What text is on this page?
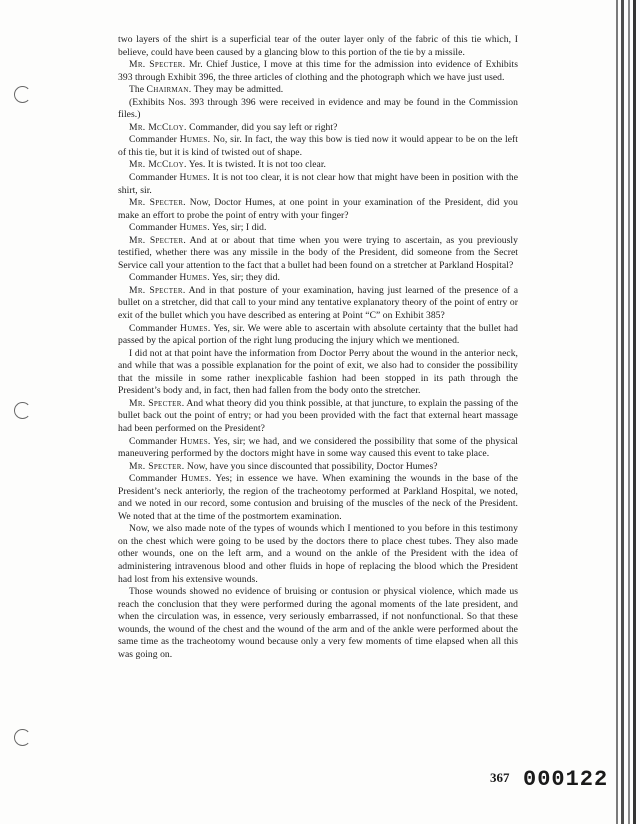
two layers of the shirt is a superficial tear of the outer layer only of the fabric of this tie which, I believe, could have been caused by a glancing blow to this portion of the tie by a missile.

Mr. Specter. Mr. Chief Justice, I move at this time for the admission into evidence of Exhibits 393 through Exhibit 396, the three articles of clothing and the photograph which we have just used.

The Chairman. They may be admitted.

(Exhibits Nos. 393 through 396 were received in evidence and may be found in the Commission files.)

Mr. McCloy. Commander, did you say left or right?

Commander Humes. No, sir. In fact, the way this bow is tied now it would appear to be on the left of this tie, but it is kind of twisted out of shape.

Mr. McCloy. Yes. It is twisted. It is not too clear.

Commander Humes. It is not too clear, it is not clear how that might have been in position with the shirt, sir.

Mr. Specter. Now, Doctor Humes, at one point in your examination of the President, did you make an effort to probe the point of entry with your finger?

Commander Humes. Yes, sir; I did.

Mr. Specter. And at or about that time when you were trying to ascertain, as you previously testified, whether there was any missile in the body of the President, did someone from the Secret Service call your attention to the fact that a bullet had been found on a stretcher at Parkland Hospital?

Commander Humes. Yes, sir; they did.

Mr. Specter. And in that posture of your examination, having just learned of the presence of a bullet on a stretcher, did that call to your mind any tentative explanatory theory of the point of entry or exit of the bullet which you have described as entering at Point “C” on Exhibit 385?

Commander Humes. Yes, sir. We were able to ascertain with absolute certainty that the bullet had passed by the apical portion of the right lung producing the injury which we mentioned.

I did not at that point have the information from Doctor Perry about the wound in the anterior neck, and while that was a possible explanation for the point of exit, we also had to consider the possibility that the missile in some rather inexplicable fashion had been stopped in its path through the President’s body and, in fact, then had fallen from the body onto the stretcher.

Mr. Specter. And what theory did you think possible, at that juncture, to explain the passing of the bullet back out the point of entry; or had you been provided with the fact that external heart massage had been performed on the President?

Commander Humes. Yes, sir; we had, and we considered the possibility that some of the physical maneuvering performed by the doctors might have in some way caused this event to take place.

Mr. Specter. Now, have you since discounted that possibility, Doctor Humes?

Commander Humes. Yes; in essence we have. When examining the wounds in the base of the President’s neck anteriorly, the region of the tracheotomy performed at Parkland Hospital, we noted, and we noted in our record, some contusion and bruising of the muscles of the neck of the President. We noted that at the time of the postmortem examination.

Now, we also made note of the types of wounds which I mentioned to you before in this testimony on the chest which were going to be used by the doctors there to place chest tubes. They also made other wounds, one on the left arm, and a wound on the ankle of the President with the idea of administering intravenous blood and other fluids in hope of replacing the blood which the President had lost from his extensive wounds.

Those wounds showed no evidence of bruising or contusion or physical violence, which made us reach the conclusion that they were performed during the agonal moments of the late president, and when the circulation was, in essence, very seriously embarrassed, if not nonfunctional. So that these wounds, the wound of the chest and the wound of the arm and of the ankle were performed about the same time as the tracheotomy wound because only a very few moments of time elapsed when all this was going on.

367 000122
